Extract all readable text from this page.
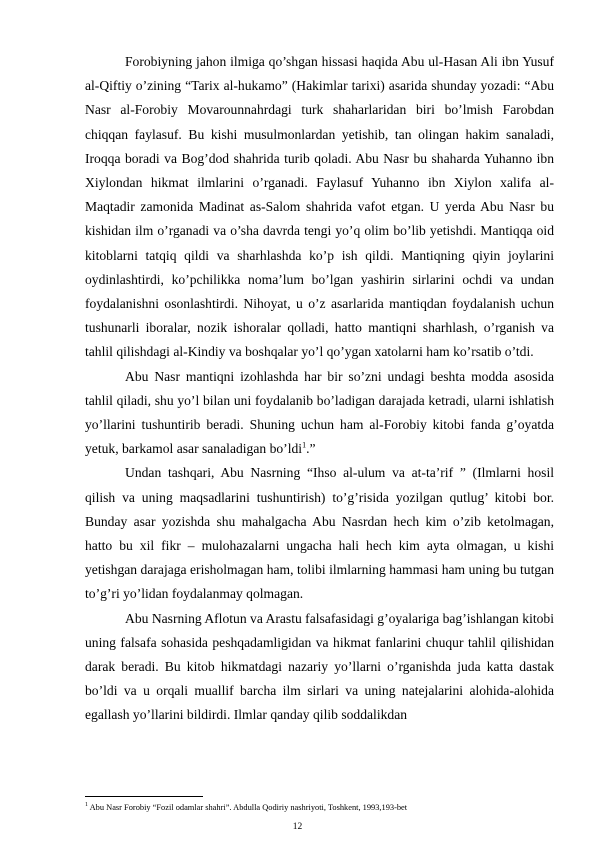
Forobiyning jahon ilmiga qo’shgan hissasi haqida Abu ul-Hasan Ali ibn Yusuf al-Qiftiy o’zining “Tarix al-hukamo” (Hakimlar tarixi) asarida shunday yozadi: “Abu Nasr al-Forobiy Movarounnahrdagi turk shaharlaridan biri bo’lmish Farobdan chiqqan faylasuf. Bu kishi musulmonlardan yetishib, tan olingan hakim sanaladi, Iroqqa boradi va Bog’dod shahrida turib qoladi. Abu Nasr bu shaharda Yuhanno ibn Xiylondan hikmat ilmlarini o’rganadi. Faylasuf Yuhanno ibn Xiylon xalifa al-Maqtadir zamonida Madinat as-Salom shahrida vafot etgan. U yerda Abu Nasr bu kishidan ilm o’rganadi va o’sha davrda tengi yo’q olim bo’lib yetishdi. Mantiqqa oid kitoblarni tatqiq qildi va sharhlashda ko’p ish qildi. Mantiqning qiyin joylarini oydinlashtirdi, ko’pchilikka noma’lum bo’lgan yashirin sirlarini ochdi va undan foydalanishni osonlashtirdi. Nihoyat, u o’z asarlarida mantiqdan foydalanish uchun tushunarli iboralar, nozik ishoralar qolladi, hatto mantiqni sharhlash, o’rganish va tahlil qilishdagi al-Kindiy va boshqalar yo’l qo’ygan xatolarni ham ko’rsatib o’tdi.

Abu Nasr mantiqni izohlashda har bir so’zni undagi beshta modda asosida tahlil qiladi, shu yo’l bilan uni foydalanib bo’ladigan darajada ketradi, ularni ishlatish yo’llarini tushuntirib beradi. Shuning uchun ham al-Forobiy kitobi fanda g’oyatda yetuk, barkamol asar sanaladigan bo’ldi$^1$.”

Undan tashqari, Abu Nasrning “Ihso al-ulum va at-ta’rif ” (Ilmlarni hosil qilish va uning maqsadlarini tushuntirish) to’g’risida yozilgan qutlug’ kitobi bor. Bunday asar yozishda shu mahalgacha Abu Nasrdan hech kim o’zib ketolmagan, hatto bu xil fikr – mulohazalarni ungacha hali hech kim ayta olmagan, u kishi yetishgan darajaga erisholmagan ham, tolibi ilmlarning hammasi ham uning bu tutgan to’g’ri yo’lidan foydalanmay qolmagan.

Abu Nasrning Aflotun va Arastu falsafasidagi g’oyalariga bag’ishlangan kitobi uning falsafa sohasida peshqadamligidan va hikmat fanlarini chuqur tahlil qilishidan darak beradi. Bu kitob hikmatdagi nazariy yo’llarni o’rganishda juda katta dastak bo’ldi va u orqali muallif barcha ilm sirlari va uning natejalarini alohida-alohida egallash yo’llarini bildirdi. Ilmlar qanday qilib soddalikdan

$^1$ Abu Nasr Forobiy “Fozil odamlar shahri”. Abdulla Qodiriy nashriyoti, Toshkent, 1993,193-bet
12
